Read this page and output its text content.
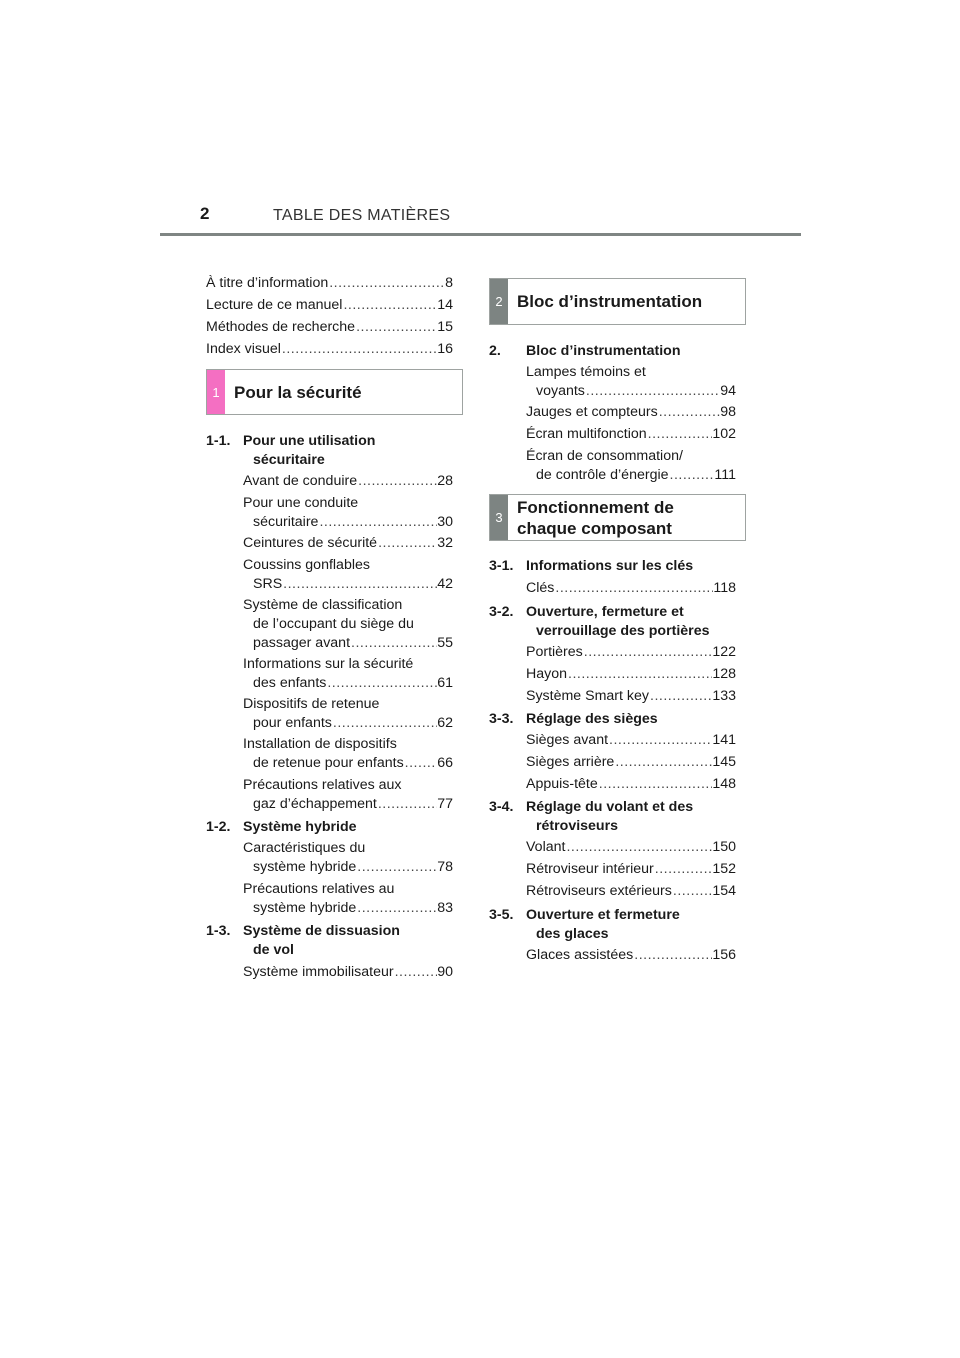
2	TABLE DES MATIÈRES
À titre d’information .....	8
Lecture de ce manuel .....	14
Méthodes de recherche .....	15
Index visuel .....	16
1 Pour la sécurité
1-1. Pour une utilisation
sécuritaire
Avant de conduire .....	28
Pour une conduite
sécuritaire .....	30
Ceintures de sécurité .....	32
Coussins gonflables
SRS .....	42
Système de classification
de l’occupant du siège du
passager avant .....	55
Informations sur la sécurité
des enfants .....	61
Dispositifs de retenue
pour enfants .....	62
Installation de dispositifs
de retenue pour enfants ..... 66
Précautions relatives aux
gaz d’échappement .....	77
1-2. Système hybride
Caractéristiques du
système hybride .....	78
Précautions relatives au
système hybride .....	83
1-3. Système de dissuasion
de vol
Système immobilisateur .....	90
2 Bloc d’instrumentation
2. Bloc d’instrumentation
Lampes témoins et
voyants .....	94
Jauges et compteurs .....	98
Écran multifonction .....	102
Écran de consommation/
de contrôle d’énergie .....	111
3
Fonctionnement de
chaque composant
3-1. Informations sur les clés
Clés .....	118
3-2. Ouverture, fermeture et
verrouillage des portières
Portières .....	122
Hayon .....	128
Système Smart key .....	133
3-3. Réglage des sièges
Sièges avant .....	141
Sièges arrière .....	145
Appuis-tête .....	148
3-4. Réglage du volant et des
rétroviseurs
Volant .....	150
Rétroviseur intérieur .....	152
Rétroviseurs extérieurs .....	154
3-5. Ouverture et fermeture
des glaces
Glaces assistées .....	156
